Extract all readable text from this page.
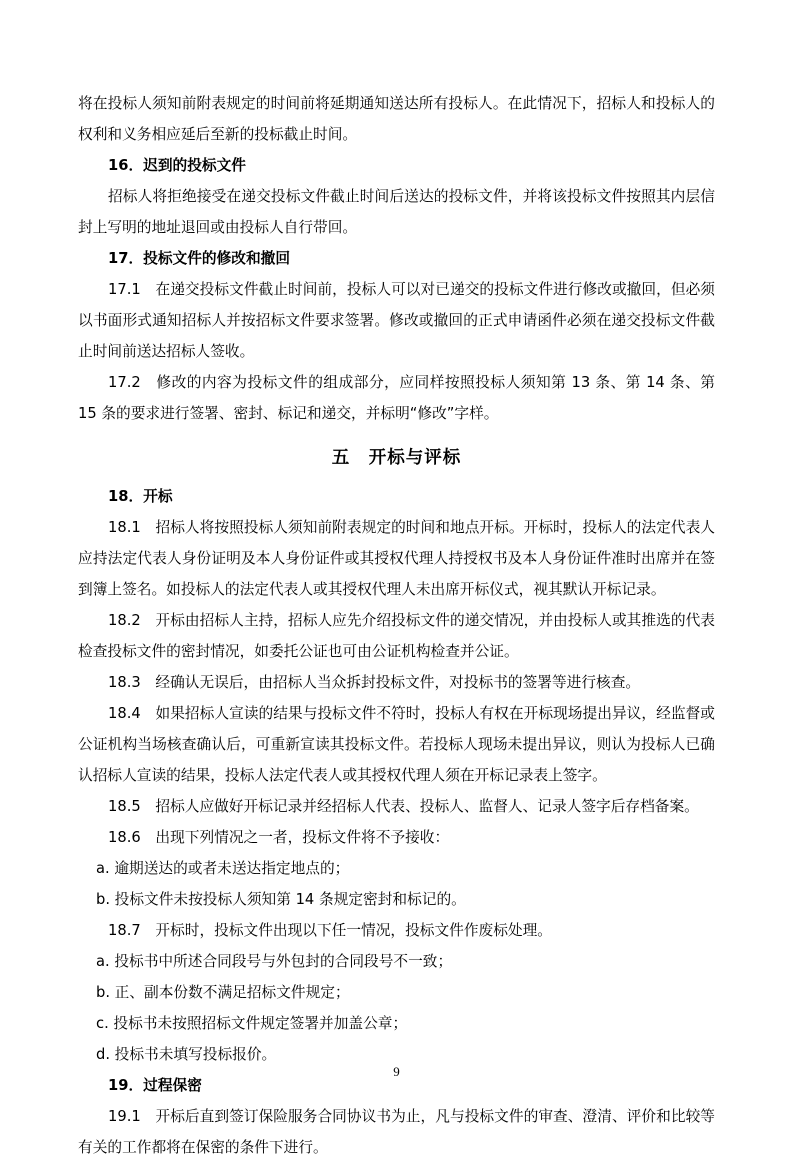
将在投标人须知前附表规定的时间前将延期通知送达所有投标人。在此情况下，招标人和投标人的权利和义务相应延后至新的投标截止时间。

16．迟到的投标文件

招标人将拒绝接受在递交投标文件截止时间后送达的投标文件，并将该投标文件按照其内层信封上写明的地址退回或由投标人自行带回。

17．投标文件的修改和撤回

17.1　在递交投标文件截止时间前，投标人可以对已递交的投标文件进行修改或撤回，但必须以书面形式通知招标人并按招标文件要求签署。修改或撤回的正式申请函件必须在递交投标文件截止时间前送达招标人签收。

17.2　修改的内容为投标文件的组成部分，应同样按照投标人须知第 13 条、第 14 条、第 15 条的要求进行签署、密封、标记和递交，并标明“修改”字样。

五　开标与评标

18．开标

18.1　招标人将按照投标人须知前附表规定的时间和地点开标。开标时，投标人的法定代表人应持法定代表人身份证明及本人身份证件或其授权代理人持授权书及本人身份证件准时出席并在签到簿上签名。如投标人的法定代表人或其授权代理人未出席开标仪式，视其默认开标记录。

18.2　开标由招标人主持，招标人应先介绍投标文件的递交情况，并由投标人或其推选的代表检查投标文件的密封情况，如委托公证也可由公证机构检查并公证。

18.3　经确认无误后，由招标人当众拆封投标文件，对投标书的签署等进行核查。

18.4　如果招标人宣读的结果与投标文件不符时，投标人有权在开标现场提出异议，经监督或公证机构当场核查确认后，可重新宣读其投标文件。若投标人现场未提出异议，则认为投标人已确认招标人宣读的结果，投标人法定代表人或其授权代理人须在开标记录表上签字。

18.5　招标人应做好开标记录并经招标人代表、投标人、监督人、记录人签字后存档备案。

18.6　出现下列情况之一者，投标文件将不予接收：

a. 逾期送达的或者未送达指定地点的；

b. 投标文件未按投标人须知第 14 条规定密封和标记的。

18.7　开标时，投标文件出现以下任一情况，投标文件作废标处理。

a. 投标书中所述合同段号与外包封的合同段号不一致；

b. 正、副本份数不满足招标文件规定；

c. 投标书未按照招标文件规定签署并加盖公章；

d. 投标书未填写投标报价。

19．过程保密

19.1　开标后直到签订保险服务合同协议书为止，凡与投标文件的审查、澄清、评价和比较等有关的工作都将在保密的条件下进行。

9
